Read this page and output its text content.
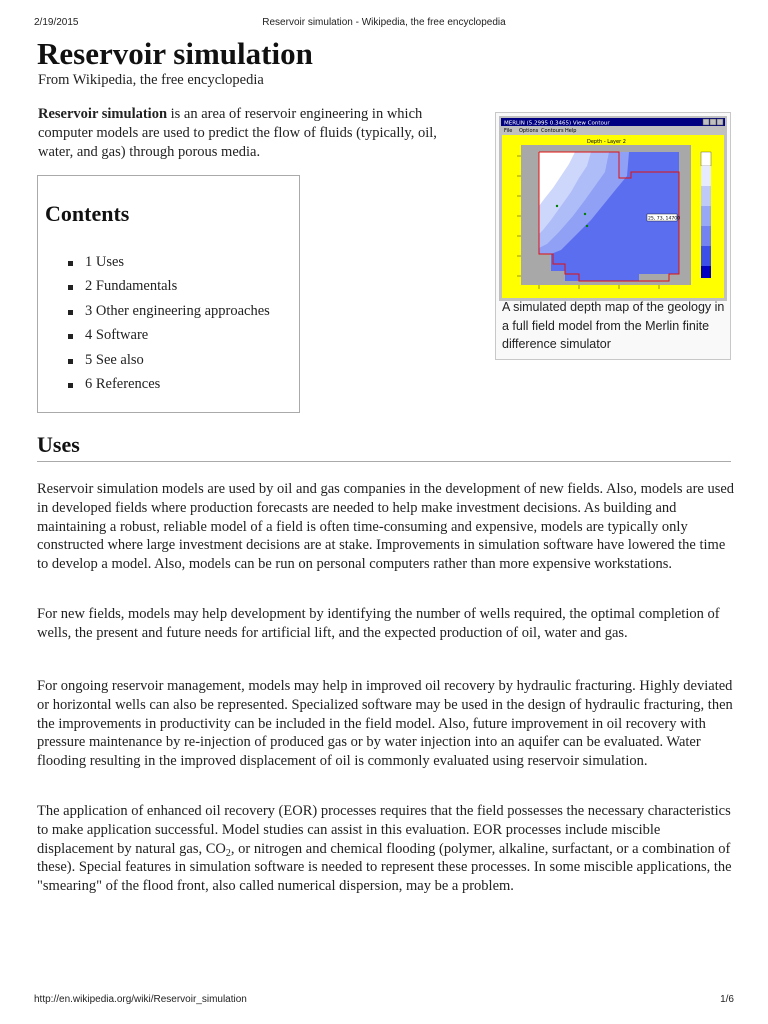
2/19/2015	Reservoir simulation - Wikipedia, the free encyclopedia
Reservoir simulation

From Wikipedia, the free encyclopedia

Reservoir simulation is an area of reservoir engineering in which computer models are used to predict the flow of fluids (typically, oil, water, and gas) through porous media.

Contents
1 Uses
2 Fundamentals
3 Other engineering approaches
4 Software
5 See also
6 References
MERLIN (5.2995 0.3465) View Contour
File Options Contours Help
Depth - Layer 2
25, 73, 14700
A simulated depth map of the geology in a full field model from the Merlin finite difference simulator
Uses

Reservoir simulation models are used by oil and gas companies in the development of new fields. Also, models are used in developed fields where production forecasts are needed to help make investment decisions. As building and maintaining a robust, reliable model of a field is often time-consuming and expensive, models are typically only constructed where large investment decisions are at stake. Improvements in simulation software have lowered the time to develop a model. Also, models can be run on personal computers rather than more expensive workstations.

For new fields, models may help development by identifying the number of wells required, the optimal completion of wells, the present and future needs for artificial lift, and the expected production of oil, water and gas.

For ongoing reservoir management, models may help in improved oil recovery by hydraulic fracturing. Highly deviated or horizontal wells can also be represented. Specialized software may be used in the design of hydraulic fracturing, then the improvements in productivity can be included in the field model. Also, future improvement in oil recovery with pressure maintenance by re-injection of produced gas or by water injection into an aquifer can be evaluated. Water flooding resulting in the improved displacement of oil is commonly evaluated using reservoir simulation.

The application of enhanced oil recovery (EOR) processes requires that the field possesses the necessary characteristics to make application successful. Model studies can assist in this evaluation. EOR processes include miscible displacement by natural gas, $CO_2$, or nitrogen and chemical flooding (polymer, alkaline, surfactant, or a combination of these). Special features in simulation software is needed to represent these processes. In some miscible applications, the "smearing" of the flood front, also called numerical dispersion, may be a problem.

http://en.wikipedia.org/wiki/Reservoir_simulation	1/6
